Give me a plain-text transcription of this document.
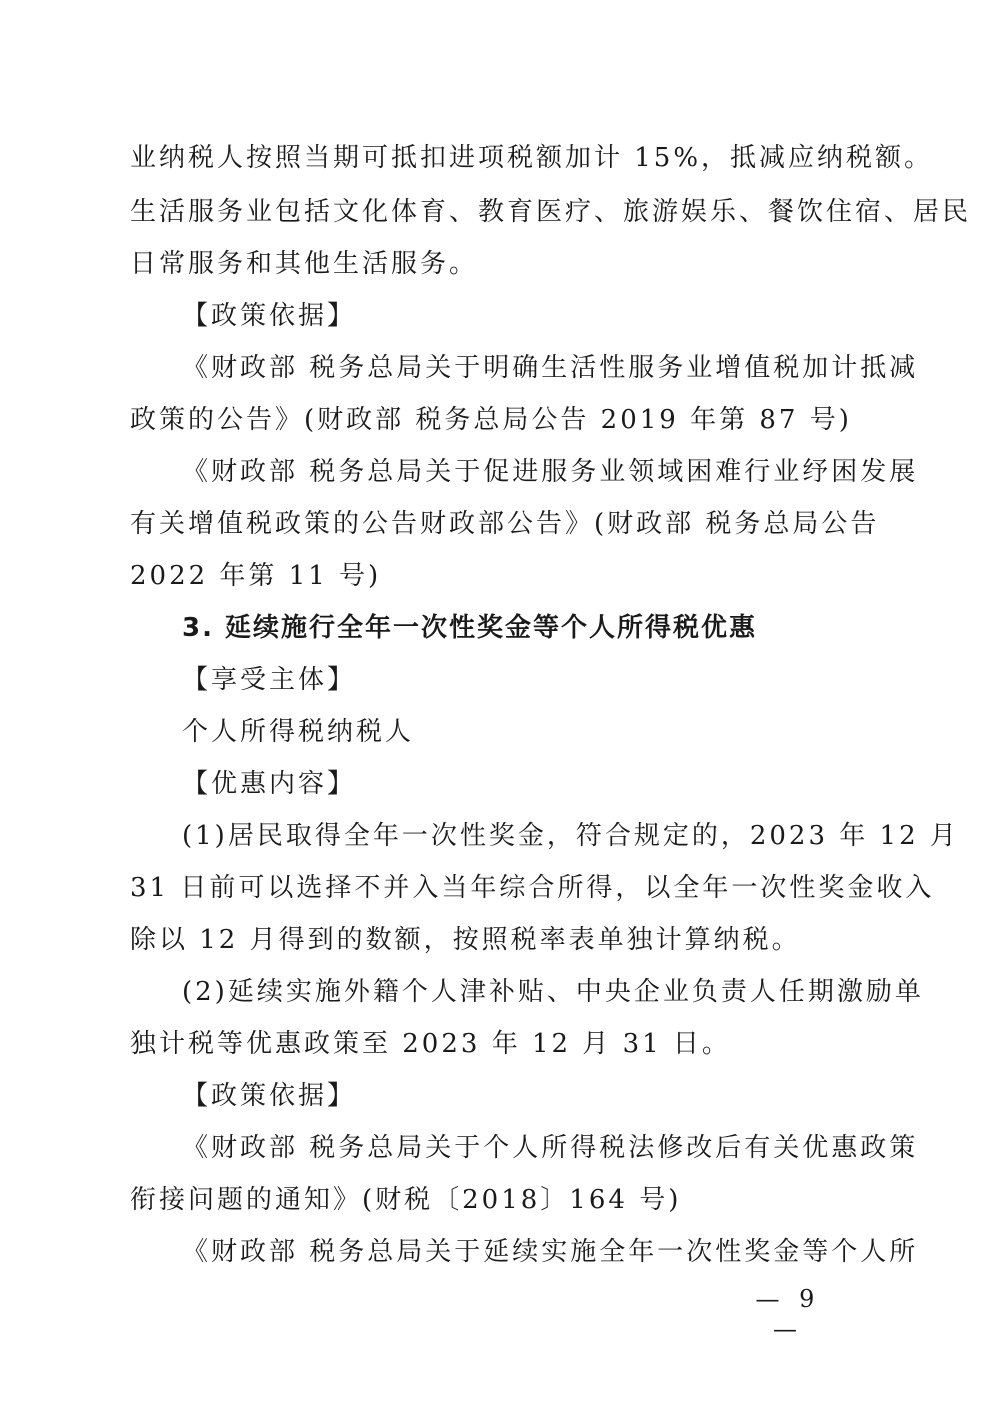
业纳税人按照当期可抵扣进项税额加计 15%，抵减应纳税额。
生活服务业包括文化体育、教育医疗、旅游娱乐、餐饮住宿、居民
日常服务和其他生活服务。
【政策依据】
《财政部 税务总局关于明确生活性服务业增值税加计抵减
政策的公告》(财政部 税务总局公告 2019 年第 87 号)
《财政部 税务总局关于促进服务业领域困难行业纾困发展
有关增值税政策的公告财政部公告》(财政部 税务总局公告
2022 年第 11 号)
3. 延续施行全年一次性奖金等个人所得税优惠
【享受主体】
个人所得税纳税人
【优惠内容】
(1)居民取得全年一次性奖金，符合规定的，2023 年 12 月
31 日前可以选择不并入当年综合所得，以全年一次性奖金收入
除以 12 月得到的数额，按照税率表单独计算纳税。
(2)延续实施外籍个人津补贴、中央企业负责人任期激励单
独计税等优惠政策至 2023 年 12 月 31 日。
【政策依据】
《财政部 税务总局关于个人所得税法修改后有关优惠政策
衔接问题的通知》(财税〔2018〕164 号)
《财政部 税务总局关于延续实施全年一次性奖金等个人所
— 9 —
